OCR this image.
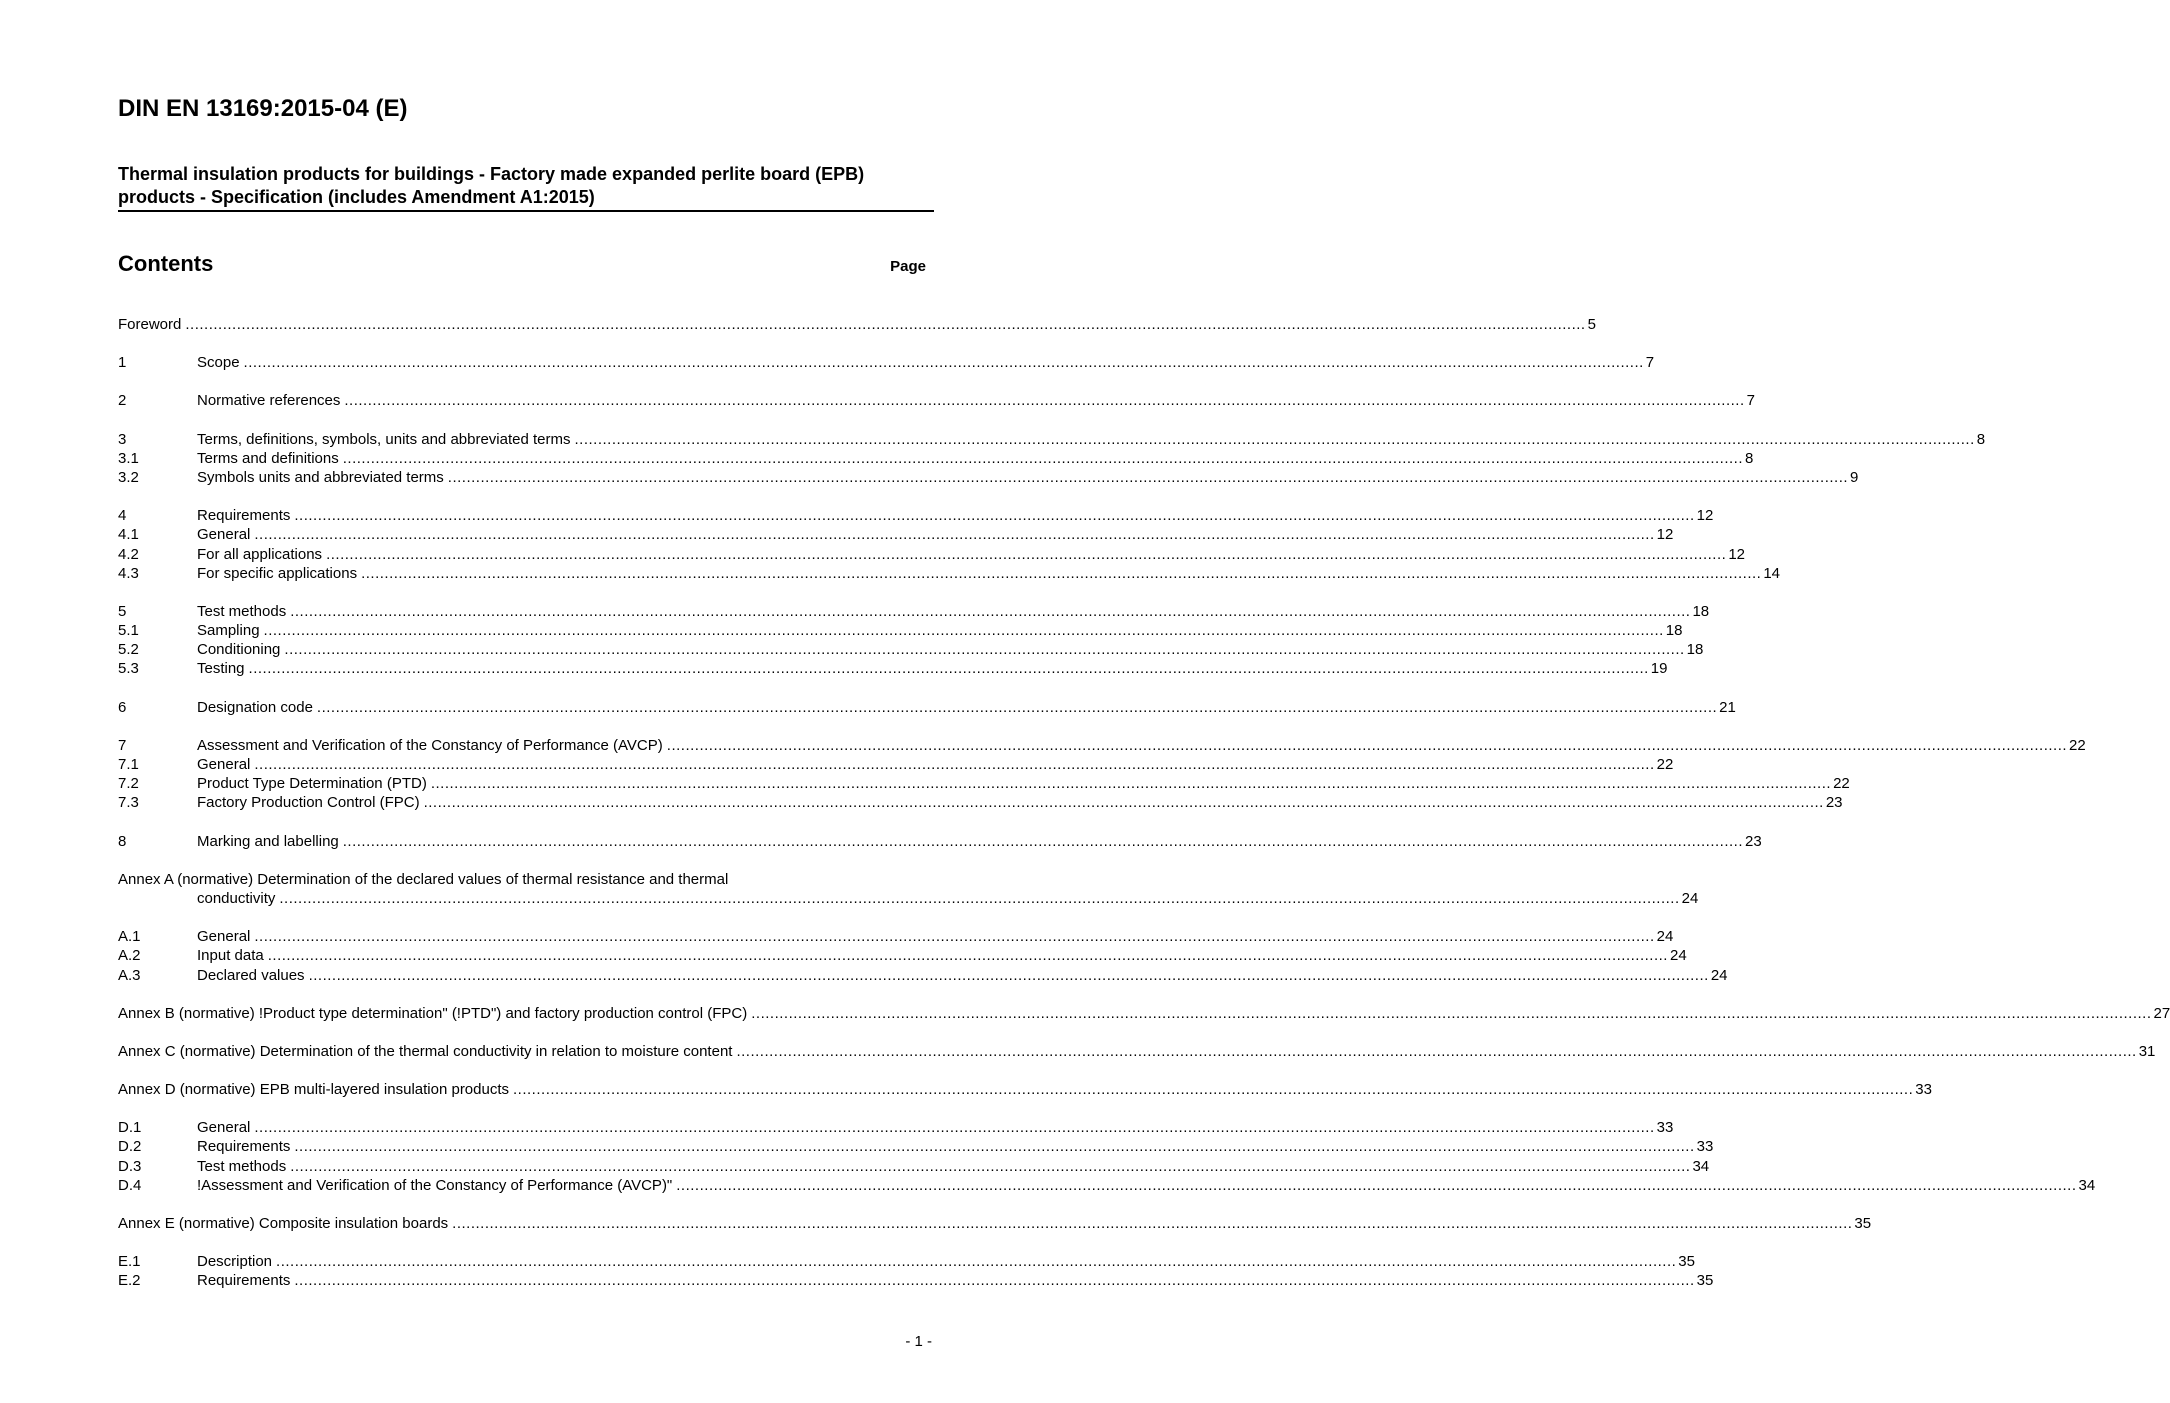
DIN EN 13169:2015-04 (E)
Thermal insulation products for buildings - Factory made expanded perlite board (EPB) products - Specification (includes Amendment A1:2015)
Contents	Page
Foreword ............................................................................................................................................................................................................................................................................................................ 5
1	Scope ............................................................................................................................................................................................................................................................................................................ 7
2	Normative references ............................................................................................................................................................................................................................................................................................................ 7
3	Terms, definitions, symbols, units and abbreviated terms ............................................................................................................................................................................................................................................................................................................ 8
3.1	Terms and definitions ............................................................................................................................................................................................................................................................................................................ 8
3.2	Symbols units and abbreviated terms ............................................................................................................................................................................................................................................................................................................ 9
4	Requirements ............................................................................................................................................................................................................................................................................................................ 12
4.1	General ............................................................................................................................................................................................................................................................................................................ 12
4.2	For all applications ............................................................................................................................................................................................................................................................................................................ 12
4.3	For specific applications ............................................................................................................................................................................................................................................................................................................ 14
5	Test methods ............................................................................................................................................................................................................................................................................................................ 18
5.1	Sampling ............................................................................................................................................................................................................................................................................................................ 18
5.2	Conditioning ............................................................................................................................................................................................................................................................................................................ 18
5.3	Testing ............................................................................................................................................................................................................................................................................................................ 19
6	Designation code ............................................................................................................................................................................................................................................................................................................ 21
7	Assessment and Verification of the Constancy of Performance (AVCP) ............................................................................................................................................................................................................................................................................................................ 22
7.1	General ............................................................................................................................................................................................................................................................................................................ 22
7.2	Product Type Determination (PTD) ............................................................................................................................................................................................................................................................................................................ 22
7.3	Factory Production Control (FPC) ............................................................................................................................................................................................................................................................................................................ 23
8	Marking and labelling ............................................................................................................................................................................................................................................................................................................ 23
Annex A (normative) Determination of the declared values of thermal resistance and thermal
conductivity ............................................................................................................................................................................................................................................................................................................ 24
A.1	General ............................................................................................................................................................................................................................................................................................................ 24
A.2	Input data ............................................................................................................................................................................................................................................................................................................ 24
A.3	Declared values ............................................................................................................................................................................................................................................................................................................ 24
Annex B (normative) !Product type determination" (!PTD") and factory production control (FPC) ............................................................................................................................................................................................................................................................................................................ 27
Annex C (normative) Determination of the thermal conductivity in relation to moisture content ............................................................................................................................................................................................................................................................................................................ 31
Annex D (normative) EPB multi-layered insulation products ............................................................................................................................................................................................................................................................................................................ 33
D.1	General ............................................................................................................................................................................................................................................................................................................ 33
D.2	Requirements ............................................................................................................................................................................................................................................................................................................ 33
D.3	Test methods ............................................................................................................................................................................................................................................................................................................ 34
D.4	!Assessment and Verification of the Constancy of Performance (AVCP)" ............................................................................................................................................................................................................................................................................................................ 34
Annex E (normative) Composite insulation boards ............................................................................................................................................................................................................................................................................................................ 35
E.1	Description ............................................................................................................................................................................................................................................................................................................ 35
E.2	Requirements ............................................................................................................................................................................................................................................................................................................ 35
- 1 -
